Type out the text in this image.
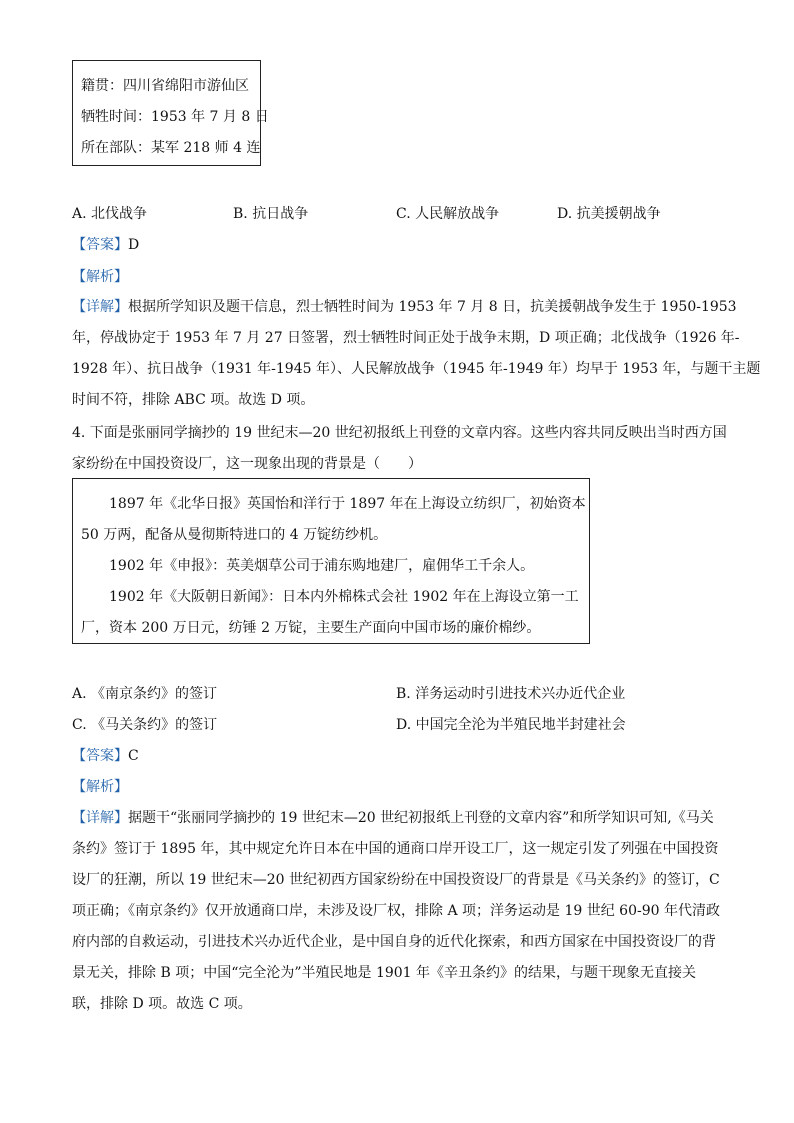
籍贯：四川省绵阳市游仙区
牺牲时间：1953 年 7 月 8 日
所在部队：某军 218 师 4 连
A. 北伐战争	B. 抗日战争	C. 人民解放战争	D. 抗美援朝战争
【答案】D
【解析】
【详解】根据所学知识及题干信息，烈士牺牲时间为 1953 年 7 月 8 日，抗美援朝战争发生于 1950-1953
年，停战协定于 1953 年 7 月 27 日签署，烈士牺牲时间正处于战争末期，D 项正确；北伐战争（1926 年-
1928 年）、抗日战争（1931 年-1945 年）、人民解放战争（1945 年-1949 年）均早于 1953 年，与题干主题
时间不符，排除 ABC 项。故选 D 项。
4. 下面是张丽同学摘抄的 19 世纪末—20 世纪初报纸上刊登的文章内容。这些内容共同反映出当时西方国
家纷纷在中国投资设厂，这一现象出现的背景是（　　）
1897 年《北华日报》英国怡和洋行于 1897 年在上海设立纺织厂，初始资本
50 万两，配备从曼彻斯特进口的 4 万锭纺纱机。
1902 年《申报》：英美烟草公司于浦东购地建厂，雇佣华工千余人。
1902 年《大阪朝日新闻》：日本内外棉株式会社 1902 年在上海设立第一工
厂，资本 200 万日元，纺锤 2 万锭，主要生产面向中国市场的廉价棉纱。
A. 《南京条约》的签订	B. 洋务运动时引进技术兴办近代企业
C. 《马关条约》的签订	D. 中国完全沦为半殖民地半封建社会
【答案】C
【解析】
【详解】据题干“张丽同学摘抄的 19 世纪末—20 世纪初报纸上刊登的文章内容”和所学知识可知,《马关
条约》签订于 1895 年，其中规定允许日本在中国的通商口岸开设工厂，这一规定引发了列强在中国投资
设厂的狂潮，所以 19 世纪末—20 世纪初西方国家纷纷在中国投资设厂的背景是《马关条约》的签订，C
项正确；《南京条约》仅开放通商口岸，未涉及设厂权，排除 A 项；洋务运动是 19 世纪 60-90 年代清政
府内部的自救运动，引进技术兴办近代企业，是中国自身的近代化探索，和西方国家在中国投资设厂的背
景无关，排除 B 项；中国“完全沦为”半殖民地是 1901 年《辛丑条约》的结果，与题干现象无直接关
联，排除 D 项。故选 C 项。
